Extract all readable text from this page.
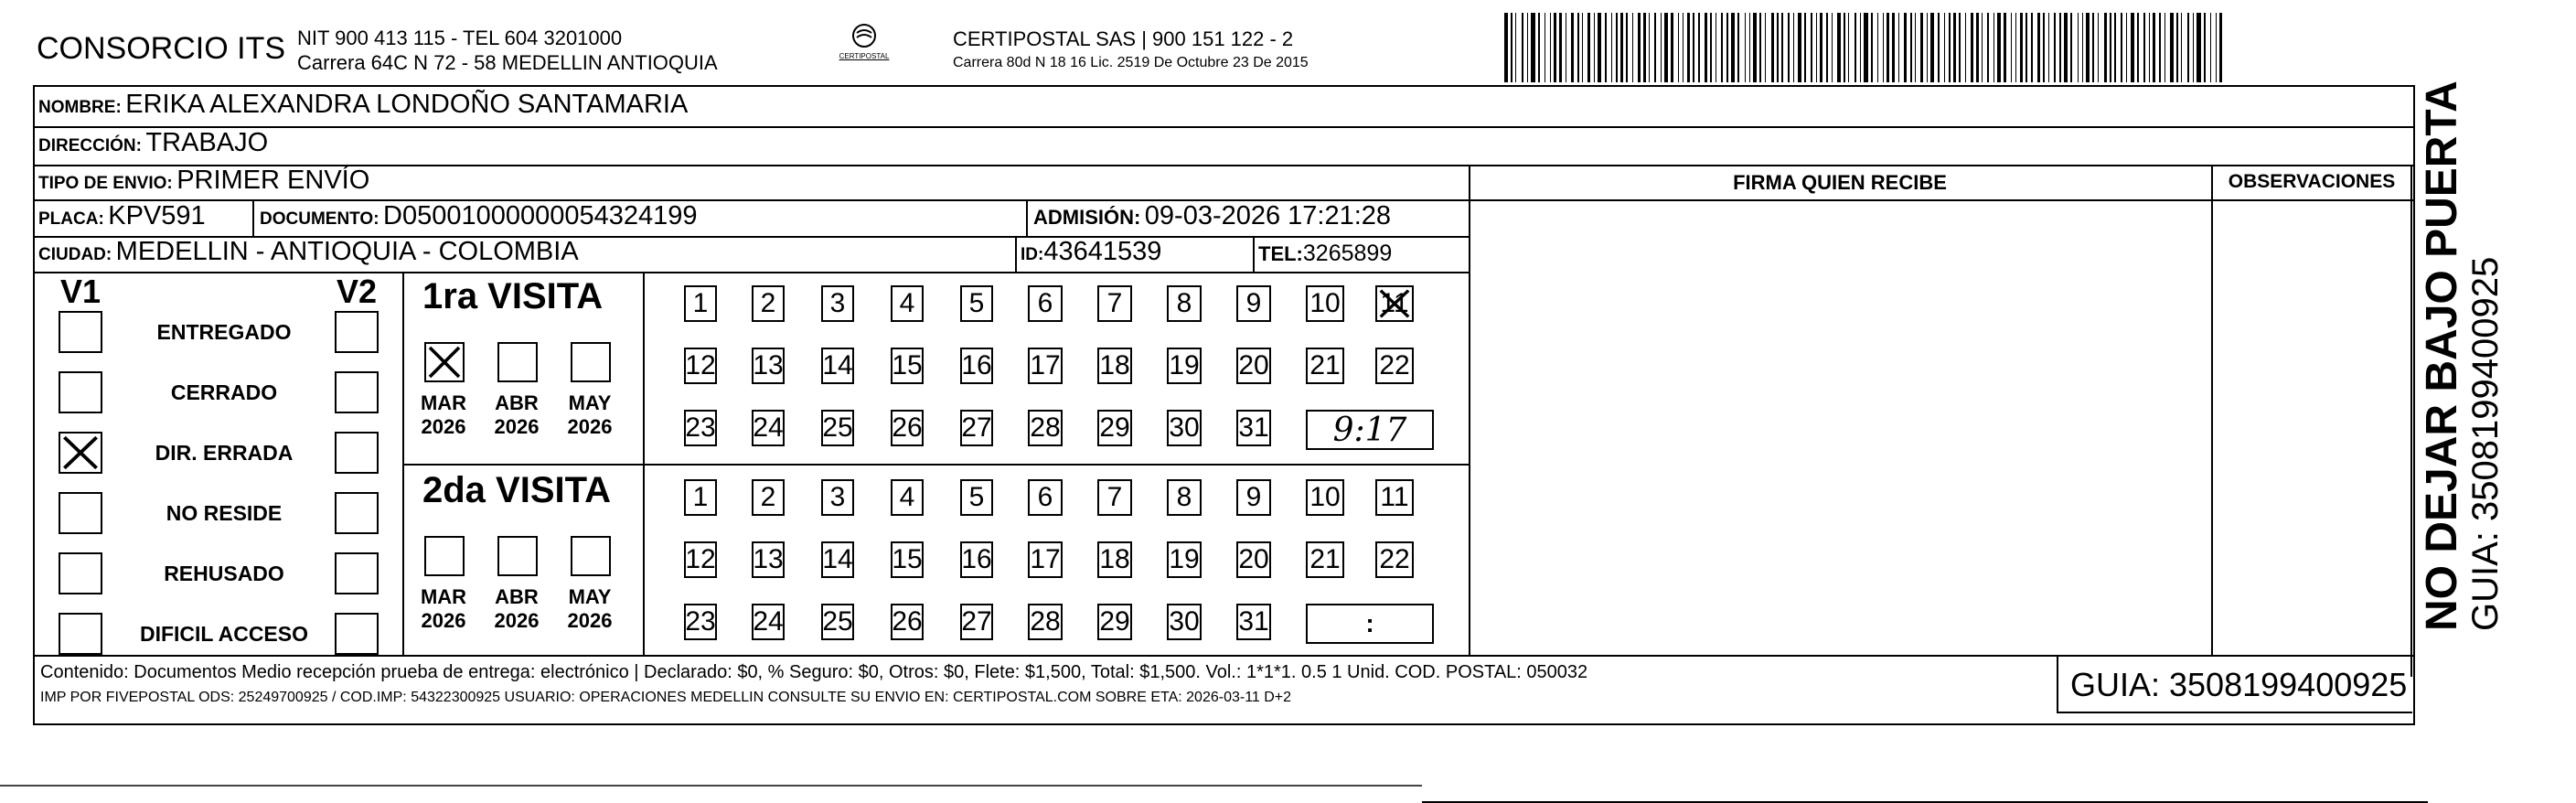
CONSORCIO ITS NIT 900 413 115 - TEL 604 3201000
Carrera 64C N 72 - 58 MEDELLIN ANTIOQUIA	CERTIPOSTAL
CERTIPOSTAL SAS | 900 151 122 - 2
Carrera 80d N 18 16 Lic. 2519 De Octubre 23 De 2015
NOMBRE: ERIKA ALEXANDRA LONDOÑO SANTAMARIA
DIRECCIÓN: TRABAJO
TIPO DE ENVIO: PRIMER ENVÍO
PLACA: KPV591	DOCUMENTO: D050010000000543241​99	ADMISIÓN: 09-03-2026 17:21:28
CIUDAD: MEDELLIN - ANTIOQUIA - COLOMBIA	ID:43641539	TEL:3265899
FIRMA QUIEN RECIBE	OBSERVACIONES
V1	V2
ENTREGADO
CERRADO
DIR. ERRADA
NO RESIDE
REHUSADO
DIFICIL ACCESO
1ra VISITA
MAR
2026
ABR
2026
MAY
2026
1 2 3 4 5 6 7 8 9 10 11
12 13 14 15 16 17 18 19 20 21 22
23 24 25 26 27 28 29 30 31	9:17
2da VISITA
MAR
2026
ABR
2026
MAY
2026
1 2 3 4 5 6 7 8 9 10 11
12 13 14 15 16 17 18 19 20 21 22
23 24 25 26 27 28 29 30 31	:
Contenido: Documentos Medio recepción prueba de entrega: electrónico | Declarado: $0, % Seguro: $0, Otros: $0, Flete: $1,500, Total: $1,500. Vol.: 1*1*1. 0.5 1 Unid. COD. POSTAL: 050032
IMP POR FIVEPOSTAL ODS: 25249700925 / COD.IMP: 54322300925 USUARIO: OPERACIONES MEDELLIN CONSULTE SU ENVIO EN: CERTIPOSTAL.COM SOBRE ETA: 2026-03-11 D+2	GUIA: 3508199400925
NO DEJAR BAJO PUERTA GUIA: 3508199400925
